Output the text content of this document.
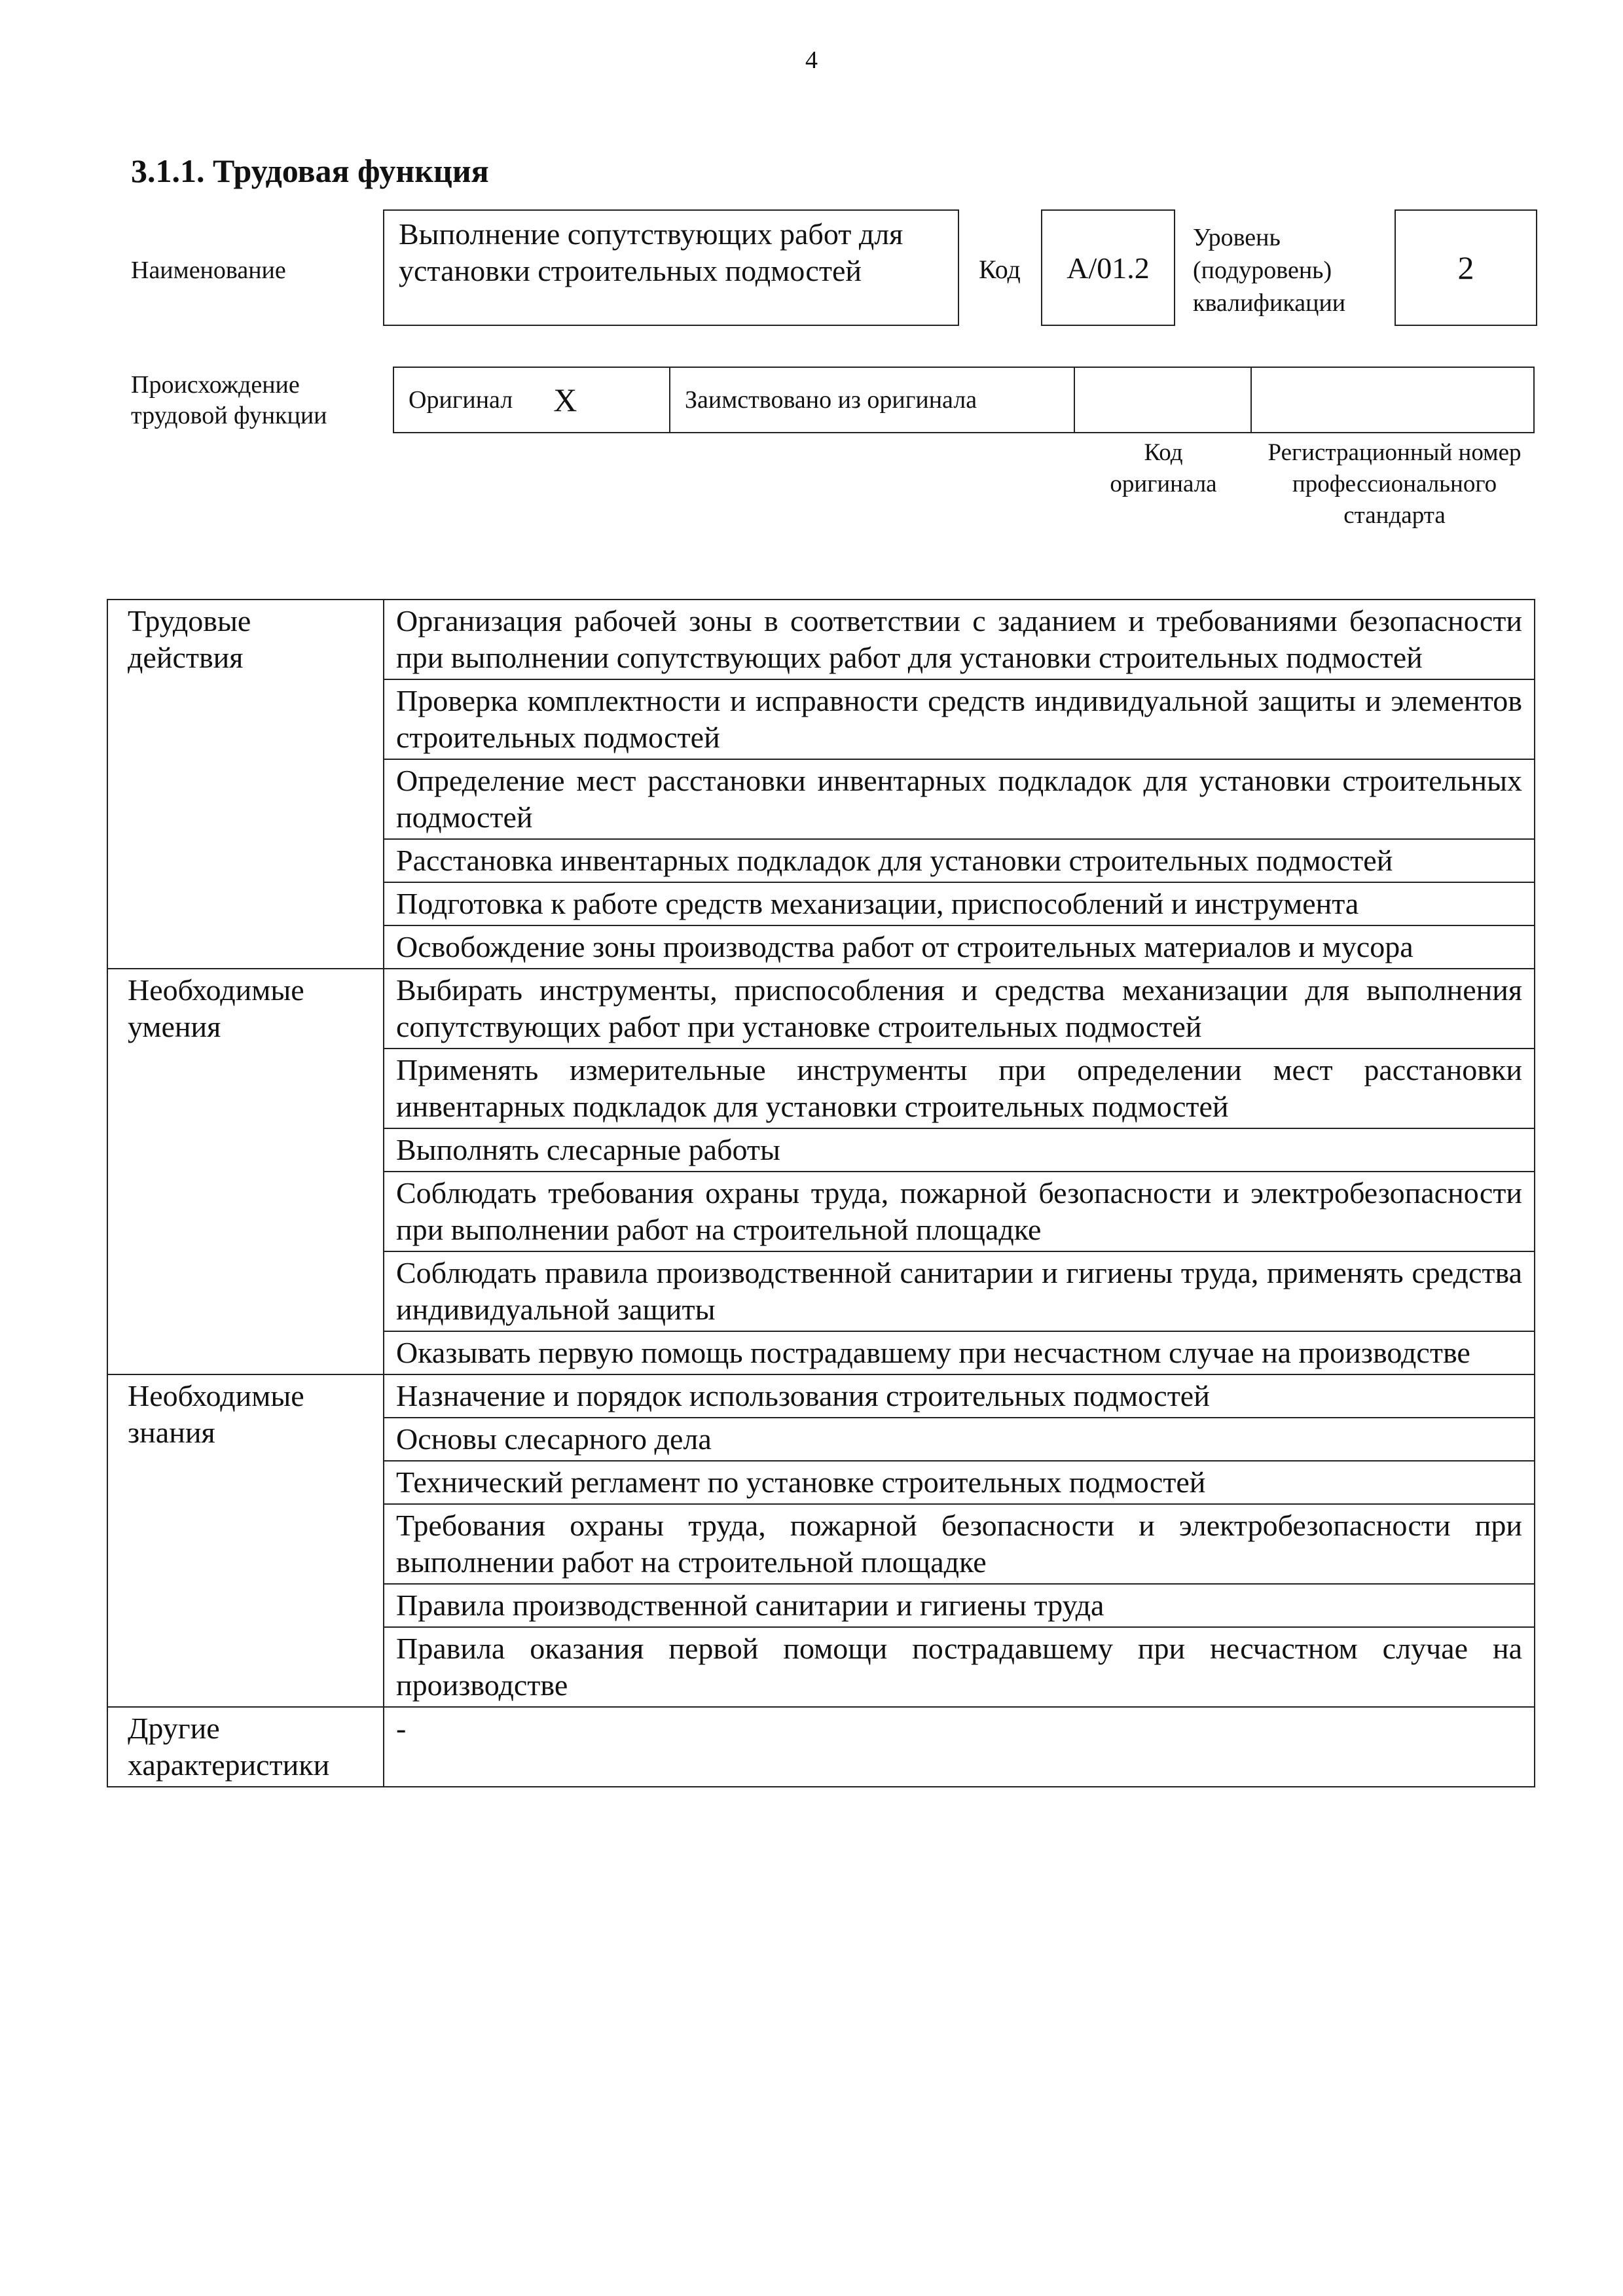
4
3.1.1. Трудовая функция
Наименование
Выполнение сопутствующих работ для установки строительных подмостей	Код A/01.2
Уровень (подуровень) квалификации
2
Происхождение трудовой функции
Оригинал X	Заимствовано из оригинала
Код оригинала
Регистрационный номер профессионального стандарта
Трудовые действия	Организация рабочей зоны в соответствии с заданием и требованиями безопасности при выполнении сопутствующих работ для установки строительных подмостей
	Проверка комплектности и исправности средств индивидуальной защиты и элементов строительных подмостей
	Определение мест расстановки инвентарных подкладок для установки строительных подмостей
	Расстановка инвентарных подкладок для установки строительных подмостей
	Подготовка к работе средств механизации, приспособлений и инструмента
	Освобождение зоны производства работ от строительных материалов и мусора
Необходимые умения	Выбирать инструменты, приспособления и средства механизации для выполнения сопутствующих работ при установке строительных подмостей
	Применять измерительные инструменты при определении мест расстановки инвентарных подкладок для установки строительных подмостей
	Выполнять слесарные работы
	Соблюдать требования охраны труда, пожарной безопасности и электробезопасности при выполнении работ на строительной площадке
	Соблюдать правила производственной санитарии и гигиены труда, применять средства индивидуальной защиты
	Оказывать первую помощь пострадавшему при несчастном случае на производстве
Необходимые знания	Назначение и порядок использования строительных подмостей
	Основы слесарного дела
	Технический регламент по установке строительных подмостей
	Требования охраны труда, пожарной безопасности и электробезопасности при выполнении работ на строительной площадке
	Правила производственной санитарии и гигиены труда
	Правила оказания первой помощи пострадавшему при несчастном случае на производстве
Другие характеристики	-
